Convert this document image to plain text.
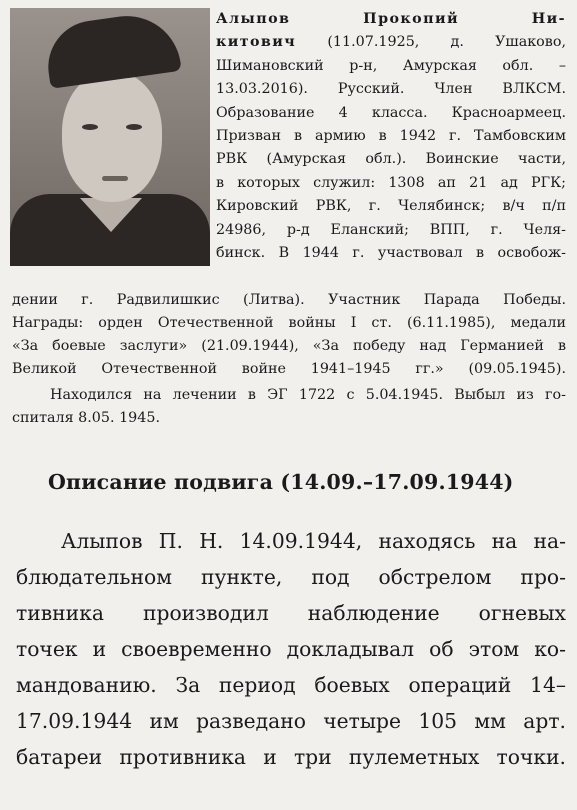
★
Алыпов Прокопий Ни-
китович (11.07.1925, д. Ушаково,
Шимановский р-н, Амурская обл. –
13.03.2016). Русский. Член ВЛКСМ.
Образование 4 класса. Красноармеец.
Призван в армию в 1942 г. Тамбовским
РВК (Амурская обл.). Воинские части,
в которых служил: 1308 ап 21 ад РГК;
Кировский РВК, г. Челябинск; в/ч п/п
24986, р-д Еланский; ВПП, г. Челя-
бинск. В 1944 г. участвовал в освобож-
дении г. Радвилишкис (Литва). Участник Парада Победы.
Награды: орден Отечественной войны I ст. (6.11.1985), медали
«За боевые заслуги» (21.09.1944), «За победу над Германией в
Великой Отечественной войне 1941–1945 гг.» (09.05.1945).
Находился на лечении в ЭГ 1722 с 5.04.1945. Выбыл из го-
спиталя 8.05. 1945.
Описание подвига (14.09.–17.09.1944)
Алыпов П. Н. 14.09.1944, находясь на на-
блюдательном пункте, под обстрелом про-
тивника производил наблюдение огневых
точек и своевременно докладывал об этом ко-
мандованию. За период боевых операций 14–
17.09.1944 им разведано четыре 105 мм арт.
батареи противника и три пулеметных точки.
